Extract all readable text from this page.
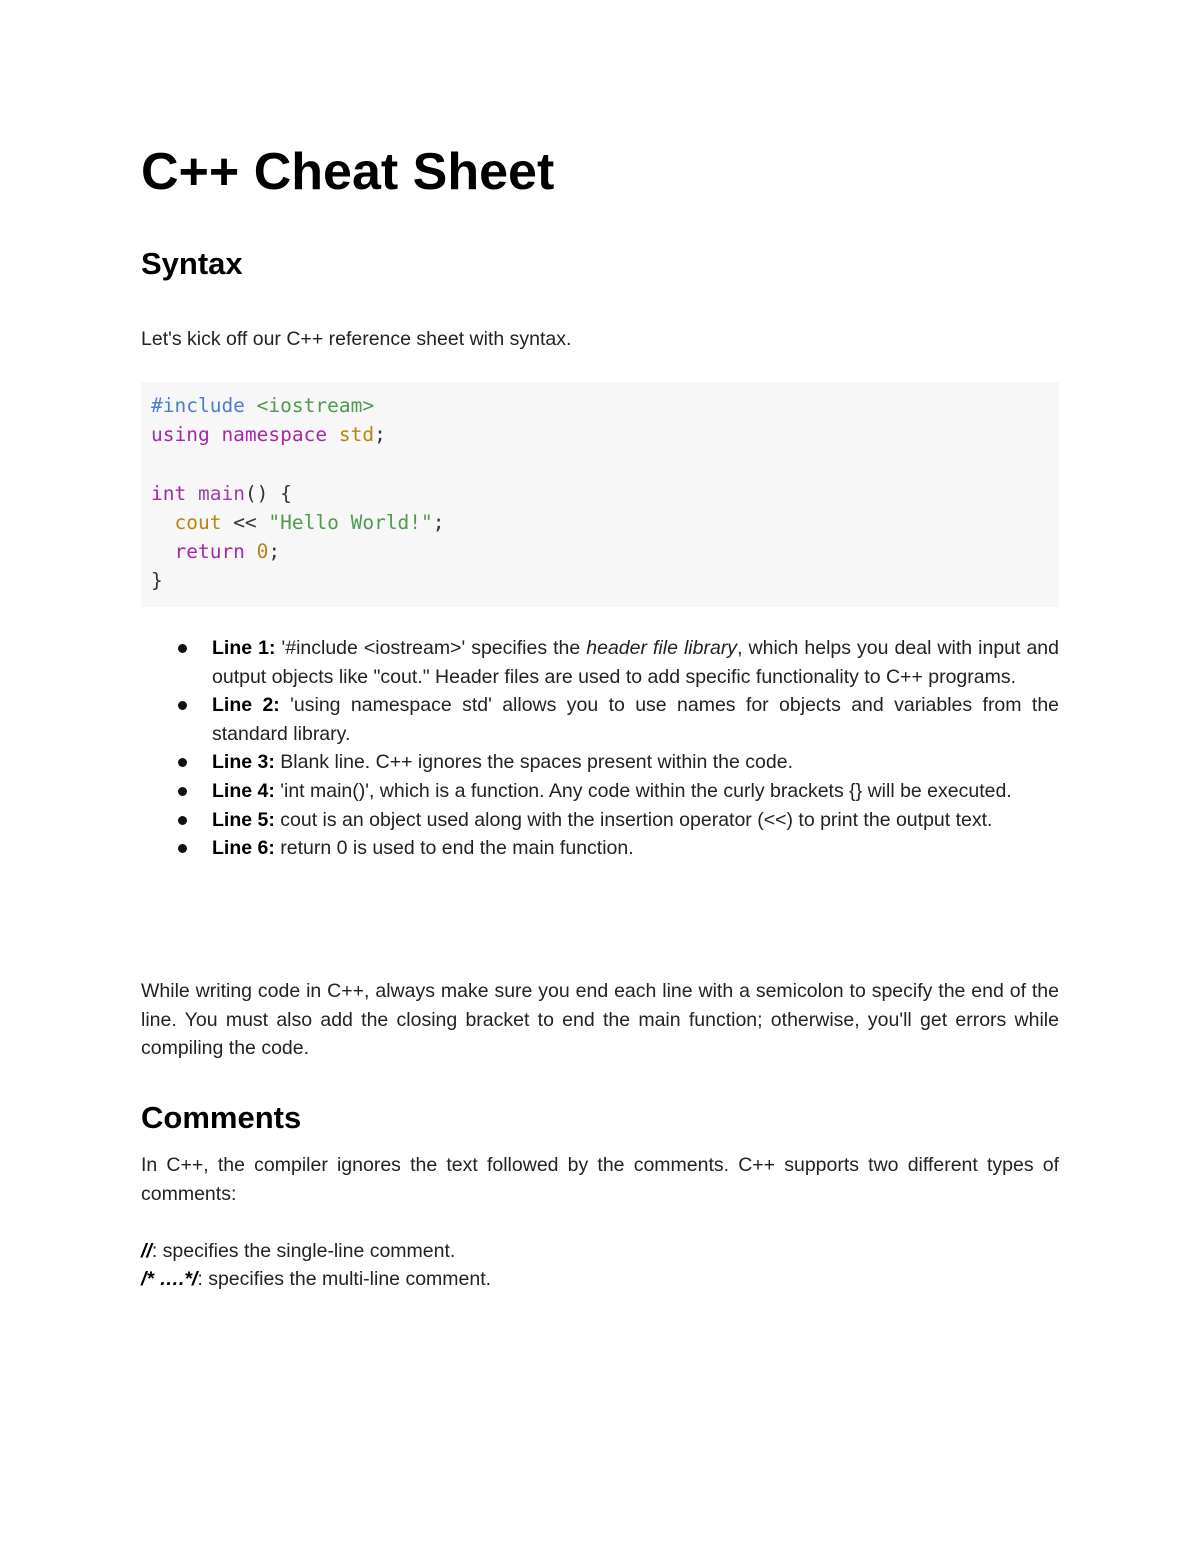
C++ Cheat Sheet
Syntax
Let's kick off our C++ reference sheet with syntax.
#include <iostream>
using namespace std;
int main() {
cout << "Hello World!";
return 0;
}
Line 1: '#include <iostream>' specifies the header file library, which helps you deal with input and output objects like "cout." Header files are used to add specific functionality to C++ programs.
Line 2: 'using namespace std' allows you to use names for objects and variables from the standard library.
Line 3: Blank line. C++ ignores the spaces present within the code.
Line 4: 'int main()', which is a function. Any code within the curly brackets {} will be executed.
Line 5: cout is an object used along with the insertion operator (<<) to print the output text.
Line 6: return 0 is used to end the main function.
While writing code in C++, always make sure you end each line with a semicolon to specify the end of the line. You must also add the closing bracket to end the main function; otherwise, you'll get errors while compiling the code.
Comments
In C++, the compiler ignores the text followed by the comments. C++ supports two different types of comments:
//: specifies the single-line comment.
/* ….*/: specifies the multi-line comment.
